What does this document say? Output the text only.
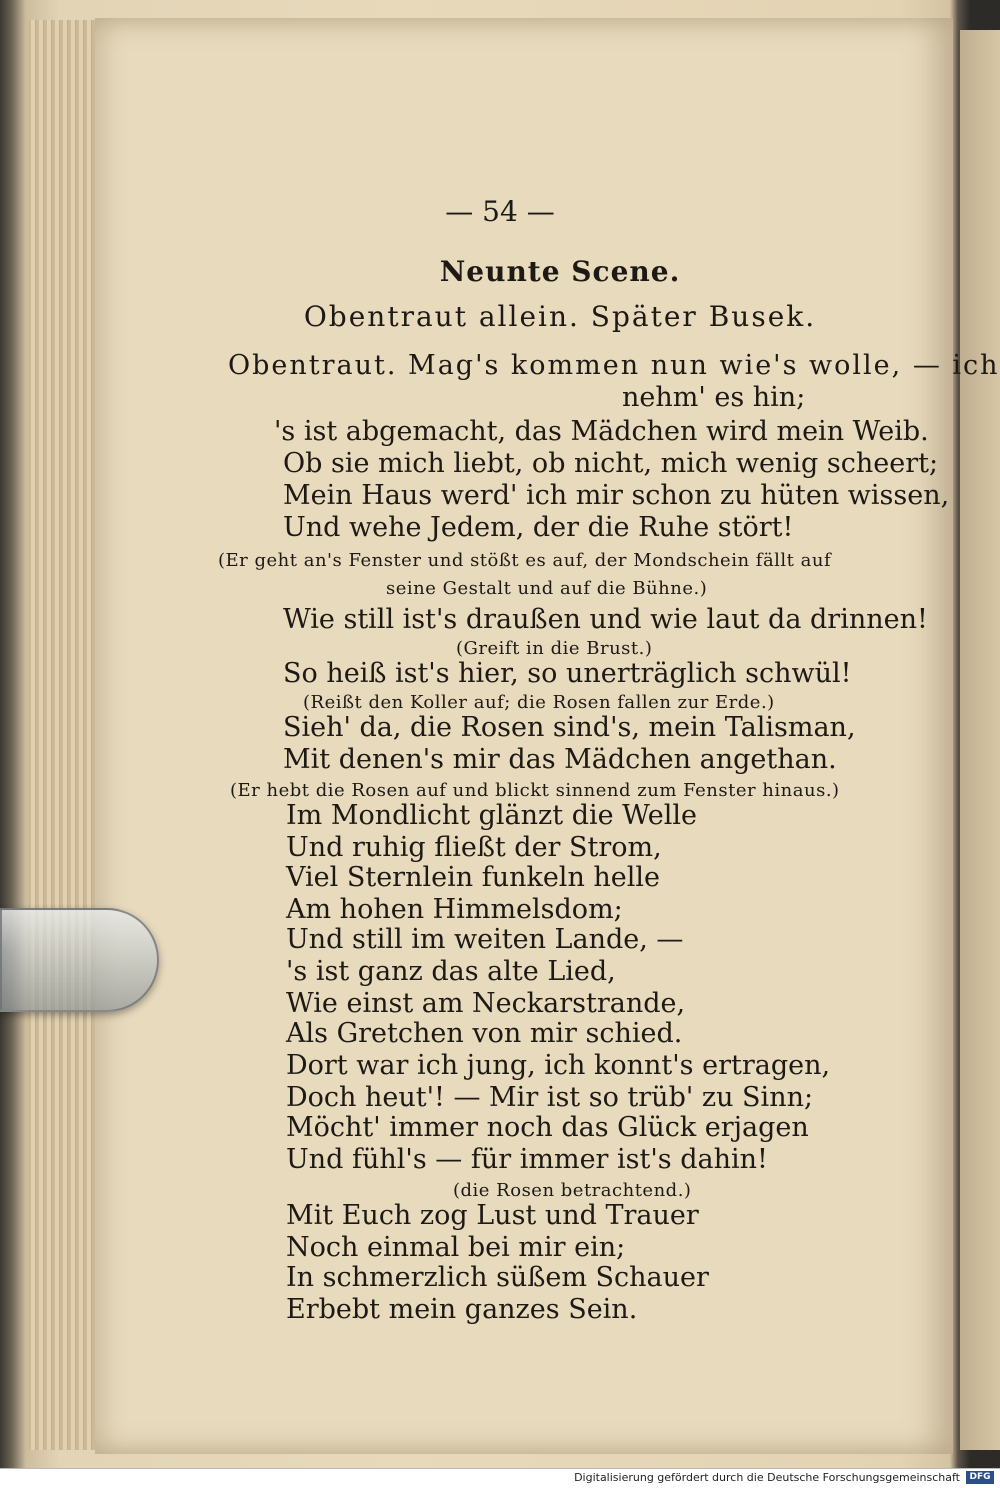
— 54 —
Neunte Scene.
Obentraut allein. Später Busek.
Obentraut. Mag's kommen nun wie's wolle, — ich
nehm' es hin;
's ist abgemacht, das Mädchen wird mein Weib.
Ob sie mich liebt, ob nicht, mich wenig scheert;
Mein Haus werd' ich mir schon zu hüten wissen,
Und wehe Jedem, der die Ruhe stört!
(Er geht an's Fenster und stößt es auf, der Mondschein fällt auf
seine Gestalt und auf die Bühne.)
Wie still ist's draußen und wie laut da drinnen!
(Greift in die Brust.)
So heiß ist's hier, so unerträglich schwül!
(Reißt den Koller auf; die Rosen fallen zur Erde.)
Sieh' da, die Rosen sind's, mein Talisman,
Mit denen's mir das Mädchen angethan.
(Er hebt die Rosen auf und blickt sinnend zum Fenster hinaus.)
Im Mondlicht glänzt die Welle
Und ruhig fließt der Strom,
Viel Sternlein funkeln helle
Am hohen Himmelsdom;
Und still im weiten Lande, —
's ist ganz das alte Lied,
Wie einst am Neckarstrande,
Als Gretchen von mir schied.
Dort war ich jung, ich konnt's ertragen,
Doch heut'! — Mir ist so trüb' zu Sinn;
Möcht' immer noch das Glück erjagen
Und fühl's — für immer ist's dahin!
(die Rosen betrachtend.)
Mit Euch zog Lust und Trauer
Noch einmal bei mir ein;
In schmerzlich süßem Schauer
Erbebt mein ganzes Sein.
Digitalisierung gefördert durch die Deutsche Forschungsgemeinschaft	DFG
